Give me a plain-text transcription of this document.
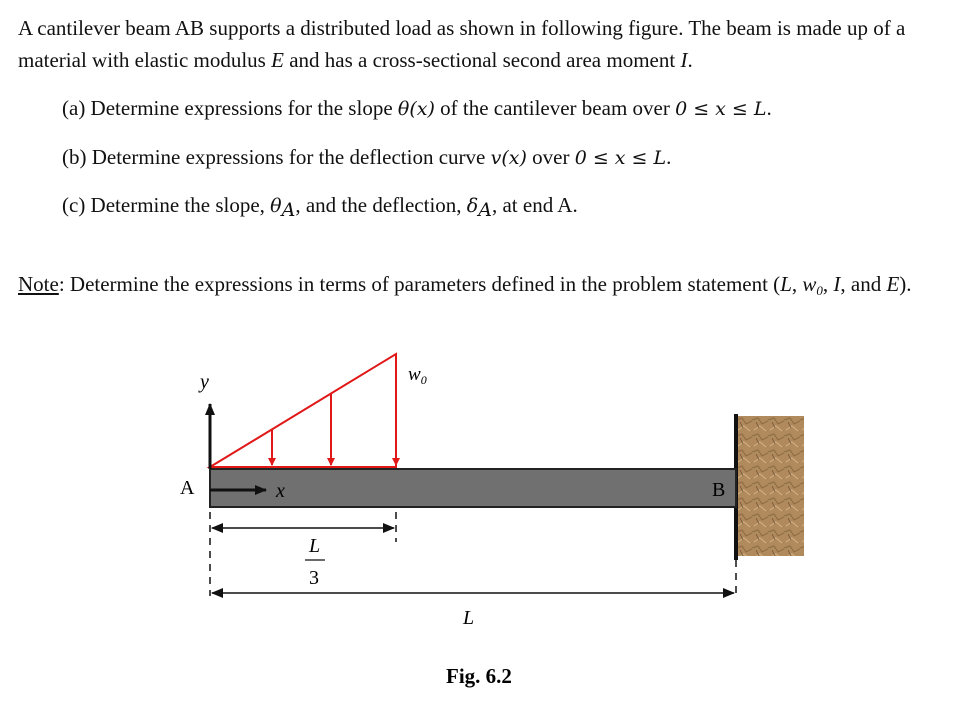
A cantilever beam AB supports a distributed load as shown in following figure. The beam is made up of a material with elastic modulus E and has a cross-sectional second area moment I.

(a) Determine expressions for the slope θ(x) of the cantilever beam over 0 ≤ x ≤ L.

(b) Determine expressions for the deflection curve v(x) over 0 ≤ x ≤ L.

(c) Determine the slope, $\theta_A$, and the deflection, $\delta_A$, at end A.

Note: Determine the expressions in terms of parameters defined in the problem statement (L, $w_0$, I, and E).

$w_0$
y
x
A	B
L
3
L
Fig. 6.2
